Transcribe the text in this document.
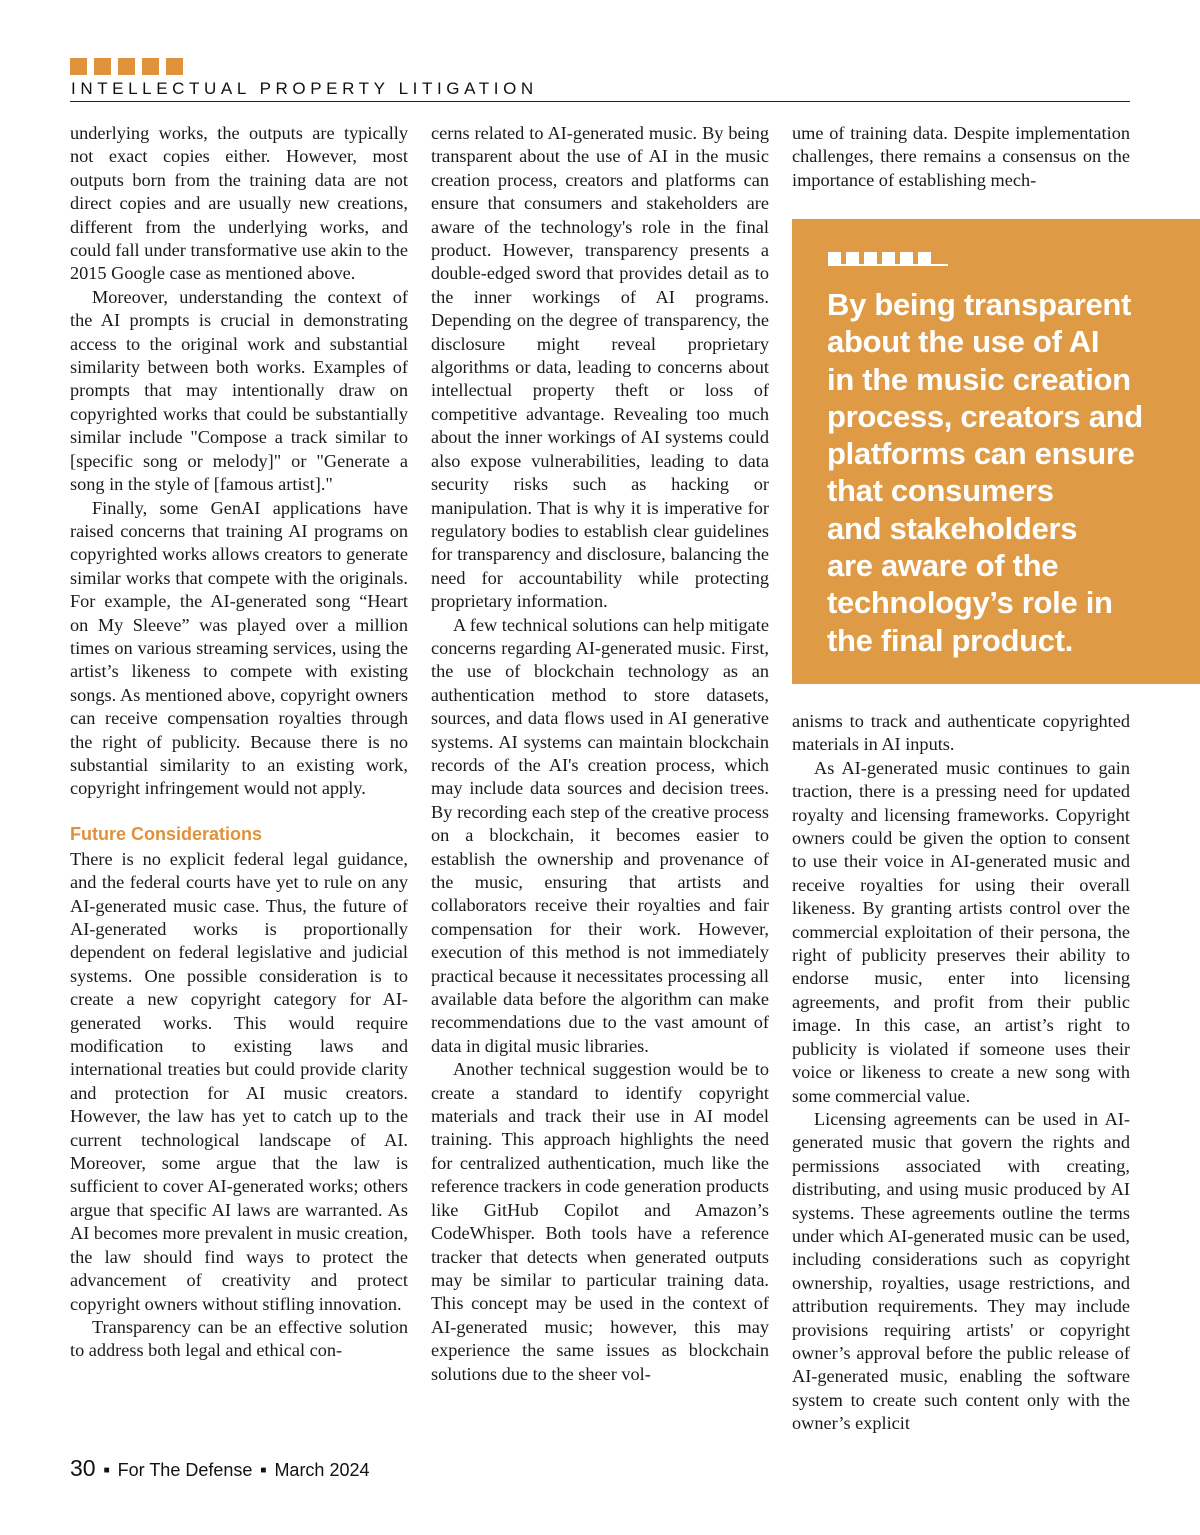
INTELLECTUAL PROPERTY LITIGATION

underlying works, the outputs are typically not exact copies either. However, most outputs born from the training data are not direct copies and are usually new creations, different from the underlying works, and could fall under transformative use akin to the 2015 Google case as mentioned above.

Moreover, understanding the context of the AI prompts is crucial in demonstrating access to the original work and substantial similarity between both works. Examples of prompts that may intentionally draw on copyrighted works that could be substantially similar include "Compose a track similar to [specific song or melody]" or "Generate a song in the style of [famous artist]."

Finally, some GenAI applications have raised concerns that training AI programs on copyrighted works allows creators to generate similar works that compete with the originals. For example, the AI-generated song “Heart on My Sleeve” was played over a million times on various streaming services, using the artist’s likeness to compete with existing songs. As mentioned above, copyright owners can receive compensation royalties through the right of publicity. Because there is no substantial similarity to an existing work, copyright infringement would not apply.

Future Considerations

There is no explicit federal legal guidance, and the federal courts have yet to rule on any AI-generated music case. Thus, the future of AI-generated works is proportionally dependent on federal legislative and judicial systems. One possible consideration is to create a new copyright category for AI-generated works. This would require modification to existing laws and international treaties but could provide clarity and protection for AI music creators. However, the law has yet to catch up to the current technological landscape of AI. Moreover, some argue that the law is sufficient to cover AI-generated works; others argue that specific AI laws are warranted. As AI becomes more prevalent in music creation, the law should find ways to protect the advancement of creativity and protect copyright owners without stifling innovation.

Transparency can be an effective solution to address both legal and ethical con-

cerns related to AI-generated music. By being transparent about the use of AI in the music creation process, creators and platforms can ensure that consumers and stakeholders are aware of the technology's role in the final product. However, transparency presents a double-edged sword that provides detail as to the inner workings of AI programs. Depending on the degree of transparency, the disclosure might reveal proprietary algorithms or data, leading to concerns about intellectual property theft or loss of competitive advantage. Revealing too much about the inner workings of AI systems could also expose vulnerabilities, leading to data security risks such as hacking or manipulation. That is why it is imperative for regulatory bodies to establish clear guidelines for transparency and disclosure, balancing the need for accountability while protecting proprietary information.

A few technical solutions can help mitigate concerns regarding AI-generated music. First, the use of blockchain technology as an authentication method to store datasets, sources, and data flows used in AI generative systems. AI systems can maintain blockchain records of the AI's creation process, which may include data sources and decision trees. By recording each step of the creative process on a blockchain, it becomes easier to establish the ownership and provenance of the music, ensuring that artists and collaborators receive their royalties and fair compensation for their work. However, execution of this method is not immediately practical because it necessitates processing all available data before the algorithm can make recommendations due to the vast amount of data in digital music libraries.

Another technical suggestion would be to create a standard to identify copyright materials and track their use in AI model training. This approach highlights the need for centralized authentication, much like the reference trackers in code generation products like GitHub Copilot and Amazon’s CodeWhisper. Both tools have a reference tracker that detects when generated outputs may be similar to particular training data. This concept may be used in the context of AI-generated music; however, this may experience the same issues as blockchain solutions due to the sheer vol-

ume of training data. Despite implementation challenges, there remains a consensus on the importance of establishing mech-

By being transparent
about the use of AI
in the music creation
process, creators and
platforms can ensure
that consumers
and stakeholders
are aware of the
technology’s role in
the final product.

anisms to track and authenticate copyrighted materials in AI inputs.

As AI-generated music continues to gain traction, there is a pressing need for updated royalty and licensing frameworks. Copyright owners could be given the option to consent to use their voice in AI-generated music and receive royalties for using their overall likeness. By granting artists control over the commercial exploitation of their persona, the right of publicity preserves their ability to endorse music, enter into licensing agreements, and profit from their public image. In this case, an artist’s right to publicity is violated if someone uses their voice or likeness to create a new song with some commercial value.

Licensing agreements can be used in AI-generated music that govern the rights and permissions associated with creating, distributing, and using music produced by AI systems. These agreements outline the terms under which AI-generated music can be used, including considerations such as copyright ownership, royalties, usage restrictions, and attribution requirements. They may include provisions requiring artists' or copyright owner’s approval before the public release of AI-generated music, enabling the software system to create such content only with the owner’s explicit

30 ■ For The Defense ■ March 2024
